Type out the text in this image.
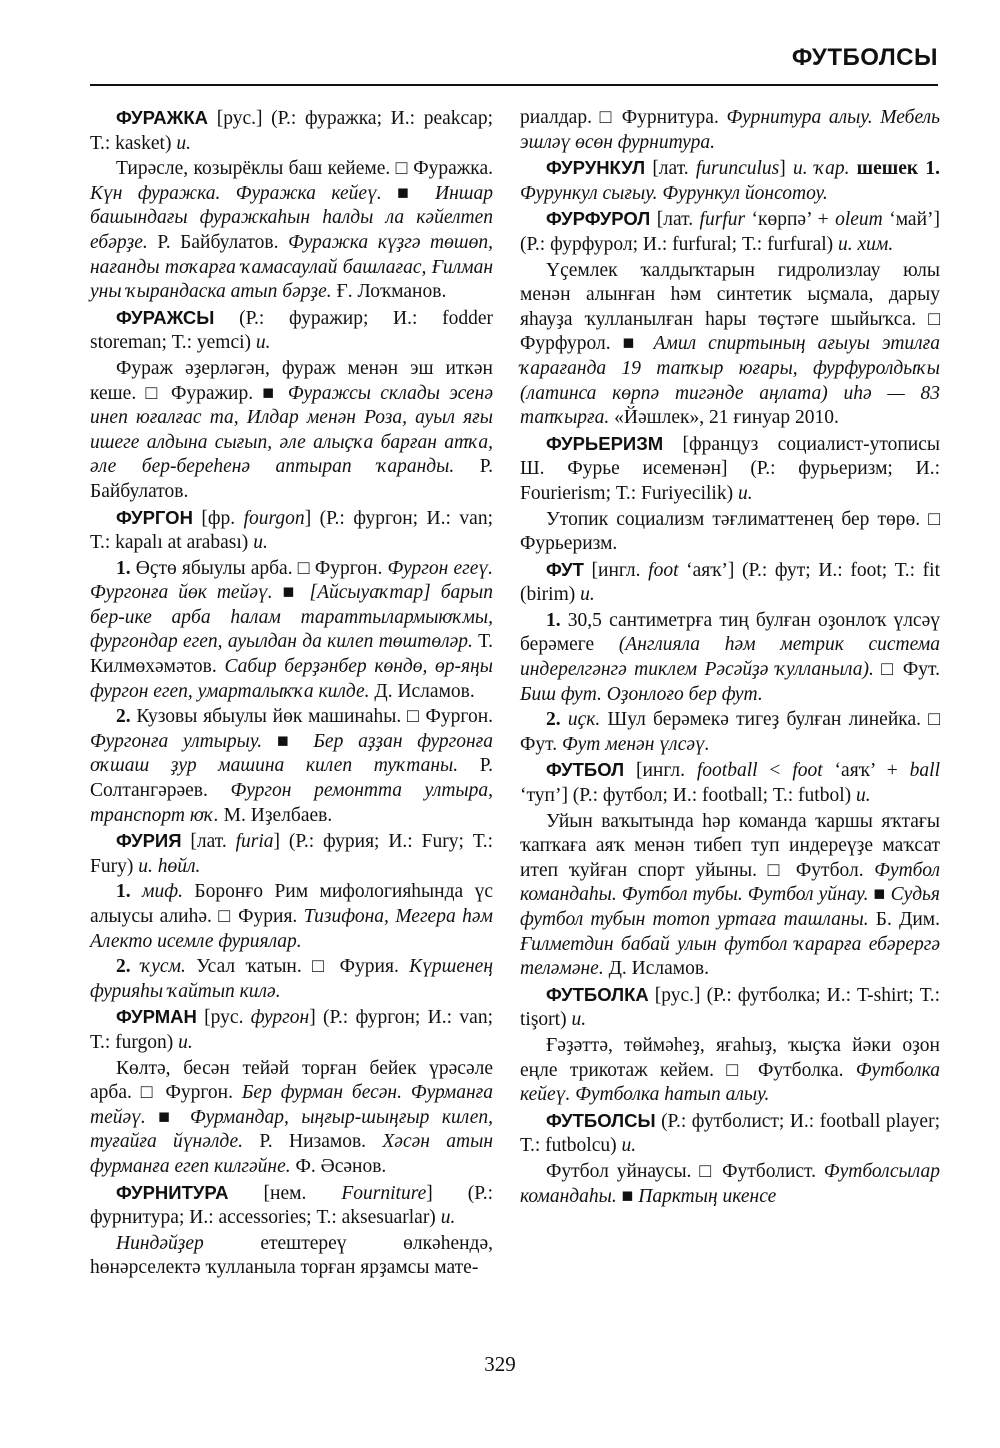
ФУТБОЛСЫ

ФУРАЖКА [рус.] (Р.: фуражка; И.: peakcap; Т.: kasket) и.

Тирәсле, козырёклы баш кейеме. □ Фуражка. Күн фуражка. Фуражка кейеү. ■ Иншар башындағы фуражкаһын һалды ла кәйелтеп ебәрҙе. Р. Байбулатов. Фуражка күҙгә төшөп, нағанды тоҡарға ҡамасаулай башлағас, Ғилман уны ҡырандаска атып бәрҙе. Ғ. Лоҡманов.

ФУРАЖСЫ (Р.: фуражир; И.: fodder storeman; Т.: yemci) и.

Фураж әҙерләгән, фураж менән эш иткән кеше. □ Фуражир. ■ Фуражсы склады эсенә инеп юғалғас та, Илдар менән Роза, ауыл яғы ишеге алдына сығып, әле алыҫҡа барған атҡа, әле бер-береһенә аптырап ҡаранды. Р. Байбулатов.

ФУРГОН [фр. fourgon] (Р.: фургон; И.: van; Т.: kapalı at arabası) и.

1. Өҫтө ябыулы арба. □ Фургон. Фургон егеү. Фургонға йөк тейәү. ■ [Айсыуаҡтар] барып бер-ике арба һалам тараттылармыюҡмы, фургондар егеп, ауылдан да килеп төштөләр. Т. Килмөхәмәтов. Сабир берҙәнбер көндө, өр-яңы фургон егеп, умарталыҡҡа килде. Д. Исламов.

2. Кузовы ябыулы йөк машинаһы. □ Фургон. Фургонға ултырыу. ■ Бер аҙҙан фургонға оҡшаш ҙур машина килеп туҡтаны. Р. Солтангәрәев. Фургон ремонтта ултыра, транспорт юҡ. М. Иҙелбаев.

ФУРИЯ [лат. furia] (Р.: фурия; И.: Fury; Т.: Fury) и. һөйл.

1. миф. Боронғо Рим мифологияһында үс алыусы алиһә. □ Фурия. Тизифона, Мегера һәм Алекто исемле фуриялар.

2. ҡусм. Усал ҡатын. □ Фурия. Күршенең фурияһы ҡайтып килә.

ФУРМАН [рус. фургон] (Р.: фургон; И.: van; Т.: furgon) и.

Көлтә, бесән тейәй торған бейек үрәсәле арба. □ Фургон. Бер фурман бесән. Фурманға тейәү. ■ Фурмандар, ыңғыр-шыңғыр килеп, туғайға йүнәлде. Р. Низамов. Хәсән атын фурманға егеп килгәйне. Ф. Әсәнов.

ФУРНИТУРА [нем. Fourniture] (Р.: фурнитура; И.: accessories; Т.: aksesuarlar) и.

Ниндәйҙер етештереү өлкәһендә, һөнәрселектә ҡулланыла торған ярҙамсы мате-

риалдар. □ Фурнитура. Фурнитура алыу. Мебель эшләү өсөн фурнитура.

ФУРУНКУЛ [лат. furunculus] и. ҡар. шешек 1. Фурункул сығыу. Фурункул йонсотоу.

ФУРФУРОЛ [лат. furfur ‘көрпә’ + oleum ‘май’] (Р.: фурфурол; И.: furfural; Т.: furfural) и. хим.

Үҫемлек ҡалдыҡтарын гидролизлау юлы менән алынған һәм синтетик ыҫмала, дарыу яһауҙа ҡулланылған һары төҫтәге шыйыҡса. □ Фурфурол. ■ Амил спиртының ағыуы этилға ҡарағанда 19 тапҡыр юғары, фурфуролдыҡы (латинса көрпә тигәнде аңлата) иһә — 83 тапҡырға. «Йәшлек», 21 ғинуар 2010.

ФУРЬЕРИЗМ [француз социалист-утописы Ш. Фурье исеменән] (Р.: фурьеризм; И.: Fourierism; Т.: Furiyecilik) и.

Утопик социализм тәғлиматтенең бер төрө. □ Фурьеризм.

ФУТ [ингл. foot ‘аяҡ’] (Р.: фут; И.: foot; Т.: fit (birim) и.

1. 30,5 сантиметрға тиң булған оҙонлоҡ үлсәү берәмеге (Англияла һәм метрик система индерелгәнгә тиклем Рәсәйҙә ҡулланыла). □ Фут. Биш фут. Оҙонлоғо бер фут.

2. иҫк. Шул берәмекә тигеҙ булған линейка. □ Фут. Фут менән үлсәү.

ФУТБОЛ [ингл. football < foot ‘аяҡ’ + ball ‘туп’] (Р.: футбол; И.: football; Т.: futbol) и.

Уйын ваҡытында һәр команда ҡаршы яҡтағы ҡапҡаға аяҡ менән тибеп туп индереүҙе маҡсат итеп ҡуйған спорт уйыны. □ Футбол. Футбол командаһы. Футбол тубы. Футбол уйнау. ■ Судья футбол тубын тотоп уртаға ташланы. Б. Дим. Ғилметдин бабай улын футбол ҡарарға ебәрергә теләмәне. Д. Исламов.

ФУТБОЛКА [рус.] (Р.: футболка; И.: T-shirt; Т.: tişort) и.

Ғәҙәттә, төймәһеҙ, яғаһыҙ, ҡыҫҡа йәки оҙон еңле трикотаж кейем. □ Футболка. Футболка кейеү. Футболка һатып алыу.

ФУТБОЛСЫ (Р.: футболист; И.: football player; Т.: futbolcu) и.

Футбол уйнаусы. □ Футболист. Футболсылар командаһы. ■ Парктың икенсе

329
